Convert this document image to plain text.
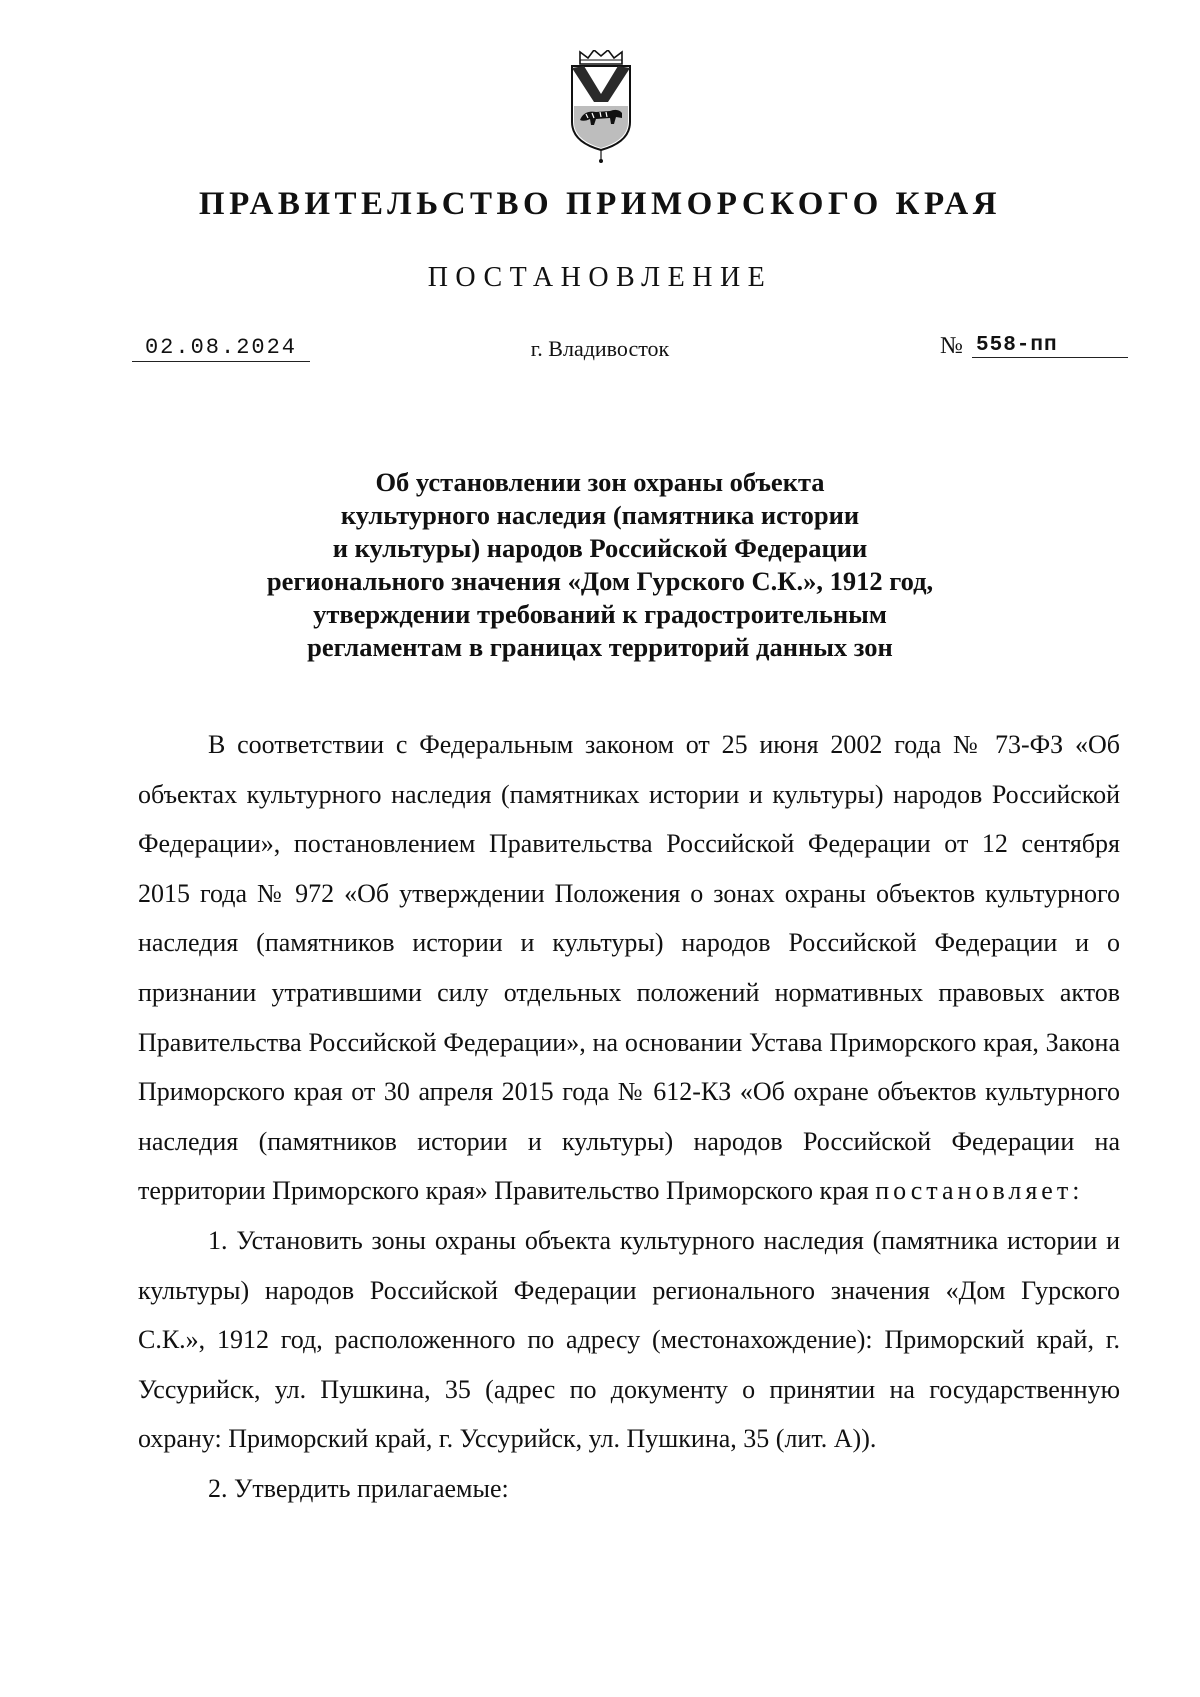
ПРАВИТЕЛЬСТВО ПРИМОРСКОГО КРАЯ
ПОСТАНОВЛЕНИЕ
02.08.2024	г. Владивосток	№ 558-пп
Об установлении зон охраны объекта
культурного наследия (памятника истории
и культуры) народов Российской Федерации
регионального значения «Дом Гурского С.К.», 1912 год,
утверждении требований к градостроительным
регламентам в границах территорий данных зон

В соответствии с Федеральным законом от 25 июня 2002 года № 73-ФЗ «Об объектах культурного наследия (памятниках истории и культуры) народов Российской Федерации», постановлением Правительства Российской Федерации от 12 сентября 2015 года № 972 «Об утверждении Положения о зонах охраны объектов культурного наследия (памятников истории и культуры) народов Российской Федерации и о признании утратившими силу отдельных положений нормативных правовых актов Правительства Российской Федерации», на основании Устава Приморского края, Закона Приморского края от 30 апреля 2015 года № 612-КЗ «Об охране объектов культурного наследия (памятников истории и культуры) народов Российской Федерации на территории Приморского края» Правительство Приморского края постановляет:

1. Установить зоны охраны объекта культурного наследия (памятника истории и культуры) народов Российской Федерации регионального значения «Дом Гурского С.К.», 1912 год, расположенного по адресу (местонахождение): Приморский край, г. Уссурийск, ул. Пушкина, 35 (адрес по документу о принятии на государственную охрану: Приморский край, г. Уссурийск, ул. Пушкина, 35 (лит. А)).

2. Утвердить прилагаемые:
